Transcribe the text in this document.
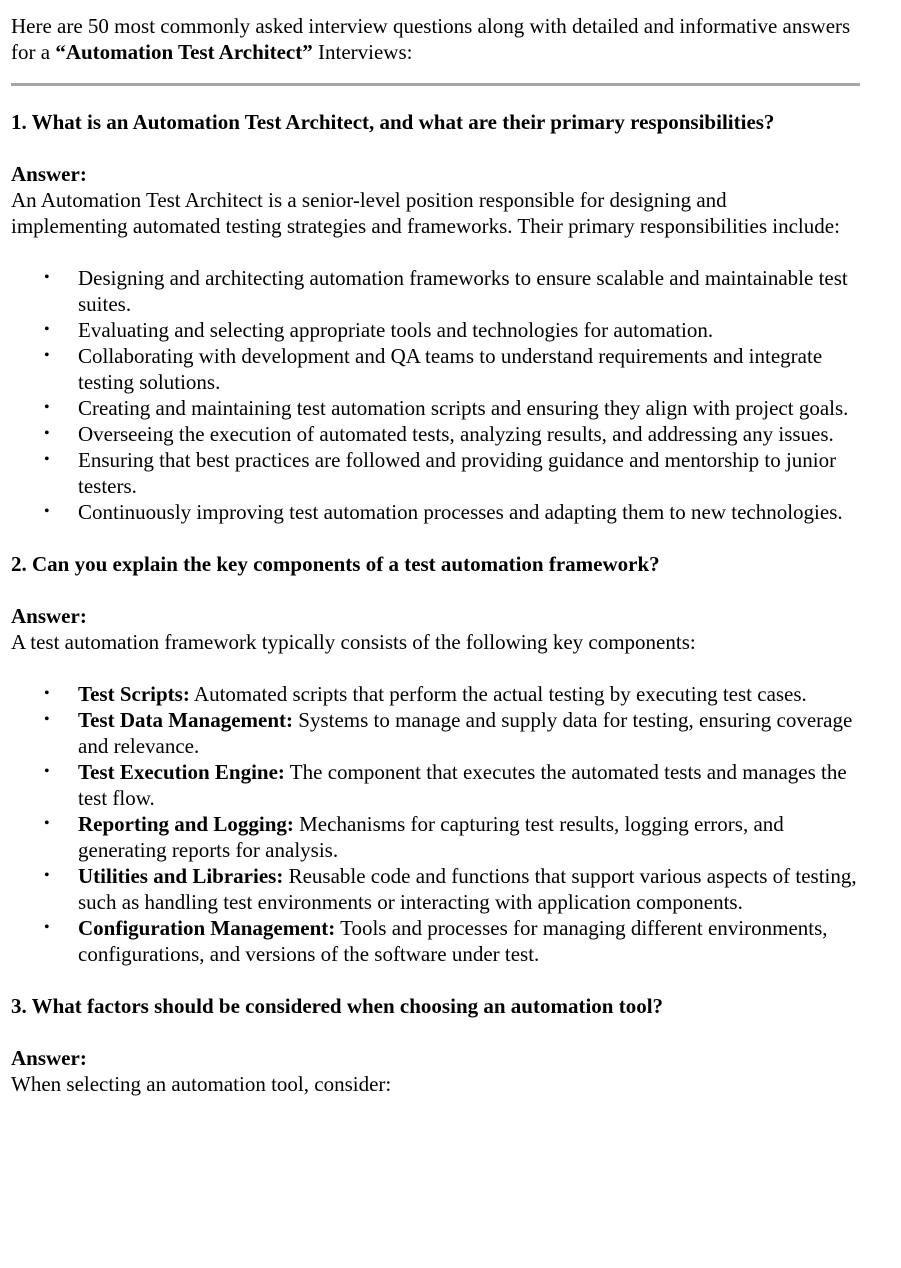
Here are 50 most commonly asked interview questions along with detailed and informative answers for a “Automation Test Architect” Interviews:

1. What is an Automation Test Architect, and what are their primary responsibilities?

Answer:

An Automation Test Architect is a senior-level position responsible for designing and implementing automated testing strategies and frameworks. Their primary responsibilities include:

• Designing and architecting automation frameworks to ensure scalable and maintainable test suites.
• Evaluating and selecting appropriate tools and technologies for automation.
• Collaborating with development and QA teams to understand requirements and integrate testing solutions.
• Creating and maintaining test automation scripts and ensuring they align with project goals.
• Overseeing the execution of automated tests, analyzing results, and addressing any issues.
• Ensuring that best practices are followed and providing guidance and mentorship to junior testers.
• Continuously improving test automation processes and adapting them to new technologies.

2. Can you explain the key components of a test automation framework?

Answer:

A test automation framework typically consists of the following key components:

• Test Scripts: Automated scripts that perform the actual testing by executing test cases.
• Test Data Management: Systems to manage and supply data for testing, ensuring coverage and relevance.
• Test Execution Engine: The component that executes the automated tests and manages the test flow.
• Reporting and Logging: Mechanisms for capturing test results, logging errors, and generating reports for analysis.
• Utilities and Libraries: Reusable code and functions that support various aspects of testing, such as handling test environments or interacting with application components.
• Configuration Management: Tools and processes for managing different environments, configurations, and versions of the software under test.

3. What factors should be considered when choosing an automation tool?

Answer:

When selecting an automation tool, consider:
